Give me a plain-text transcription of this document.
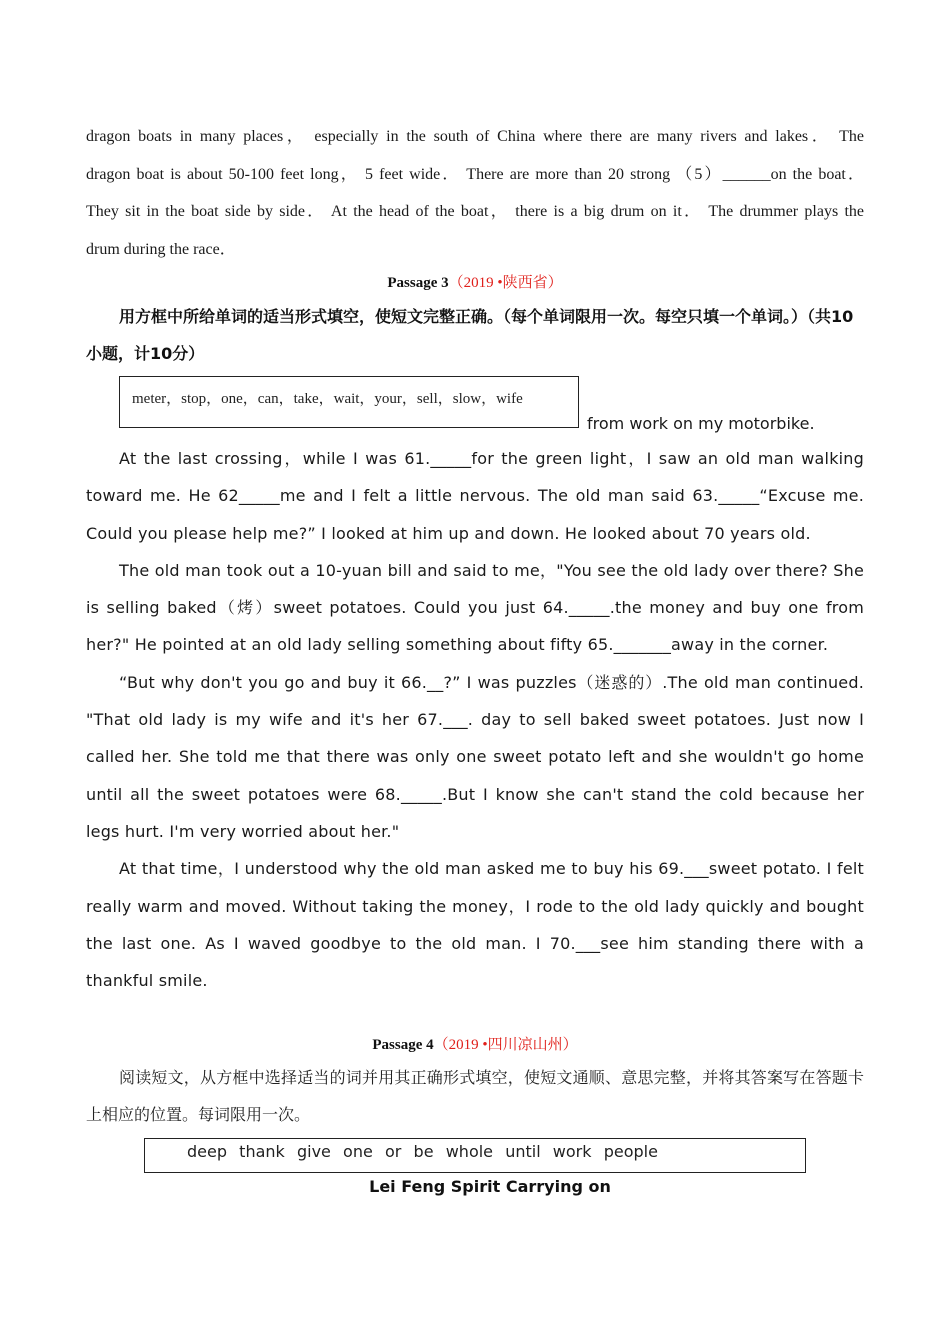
dragon boats in many places， especially in the south of China where there are many rivers and lakes． The

dragon boat is about 50-100 feet long， 5 feet wide． There are more than 20 strong （5）______on the boat．

They sit in the boat side by side． At the head of the boat， there is a big drum on it． The drummer plays the

drum during the race．

Passage 3（2019 •陕西省）

用方框中所给单词的适当形式填空，使短文完整正确。（每个单词限用一次。每空只填一个单词。）（共10小题，计10分）

meter，stop，one，can，take，wait，your，sell，slow，wife
from work on my motorbike.

At the last crossing，while I was 61._____for the green light，I saw an old man walking toward me. He 62_____me and I felt a little nervous. The old man said 63._____“Excuse me. Could you please help me?” I looked at him up and down. He looked about 70 years old.

The old man took out a 10-yuan bill and said to me，"You see the old lady over there? She is selling baked（烤）sweet potatoes. Could you just 64._____.the money and buy one from her?" He pointed at an old lady selling something about fifty 65._______away in the corner.

“But why don't you go and buy it 66.__?” I was puzzles（迷惑的）.The old man continued. "That old lady is my wife and it's her 67.___. day to sell baked sweet potatoes. Just now I called her. She told me that there was only one sweet potato left and she wouldn't go home until all the sweet potatoes were 68._____.But I know she can't stand the cold because her legs hurt. I'm very worried about her."

At that time，I understood why the old man asked me to buy his 69.___sweet potato. I felt really warm and moved. Without taking the money，I rode to the old lady quickly and bought the last one. As I waved goodbye to the old man. I 70.___see him standing there with a thankful smile.

Passage 4（2019 •四川凉山州）

阅读短文，从方框中选择适当的词并用其正确形式填空，使短文通顺、意思完整，并将其答案写在答题卡上相应的位置。每词限用一次。

deep  thank  give  one  or  be  whole  until  work  people
Lei Feng Spirit Carrying on
